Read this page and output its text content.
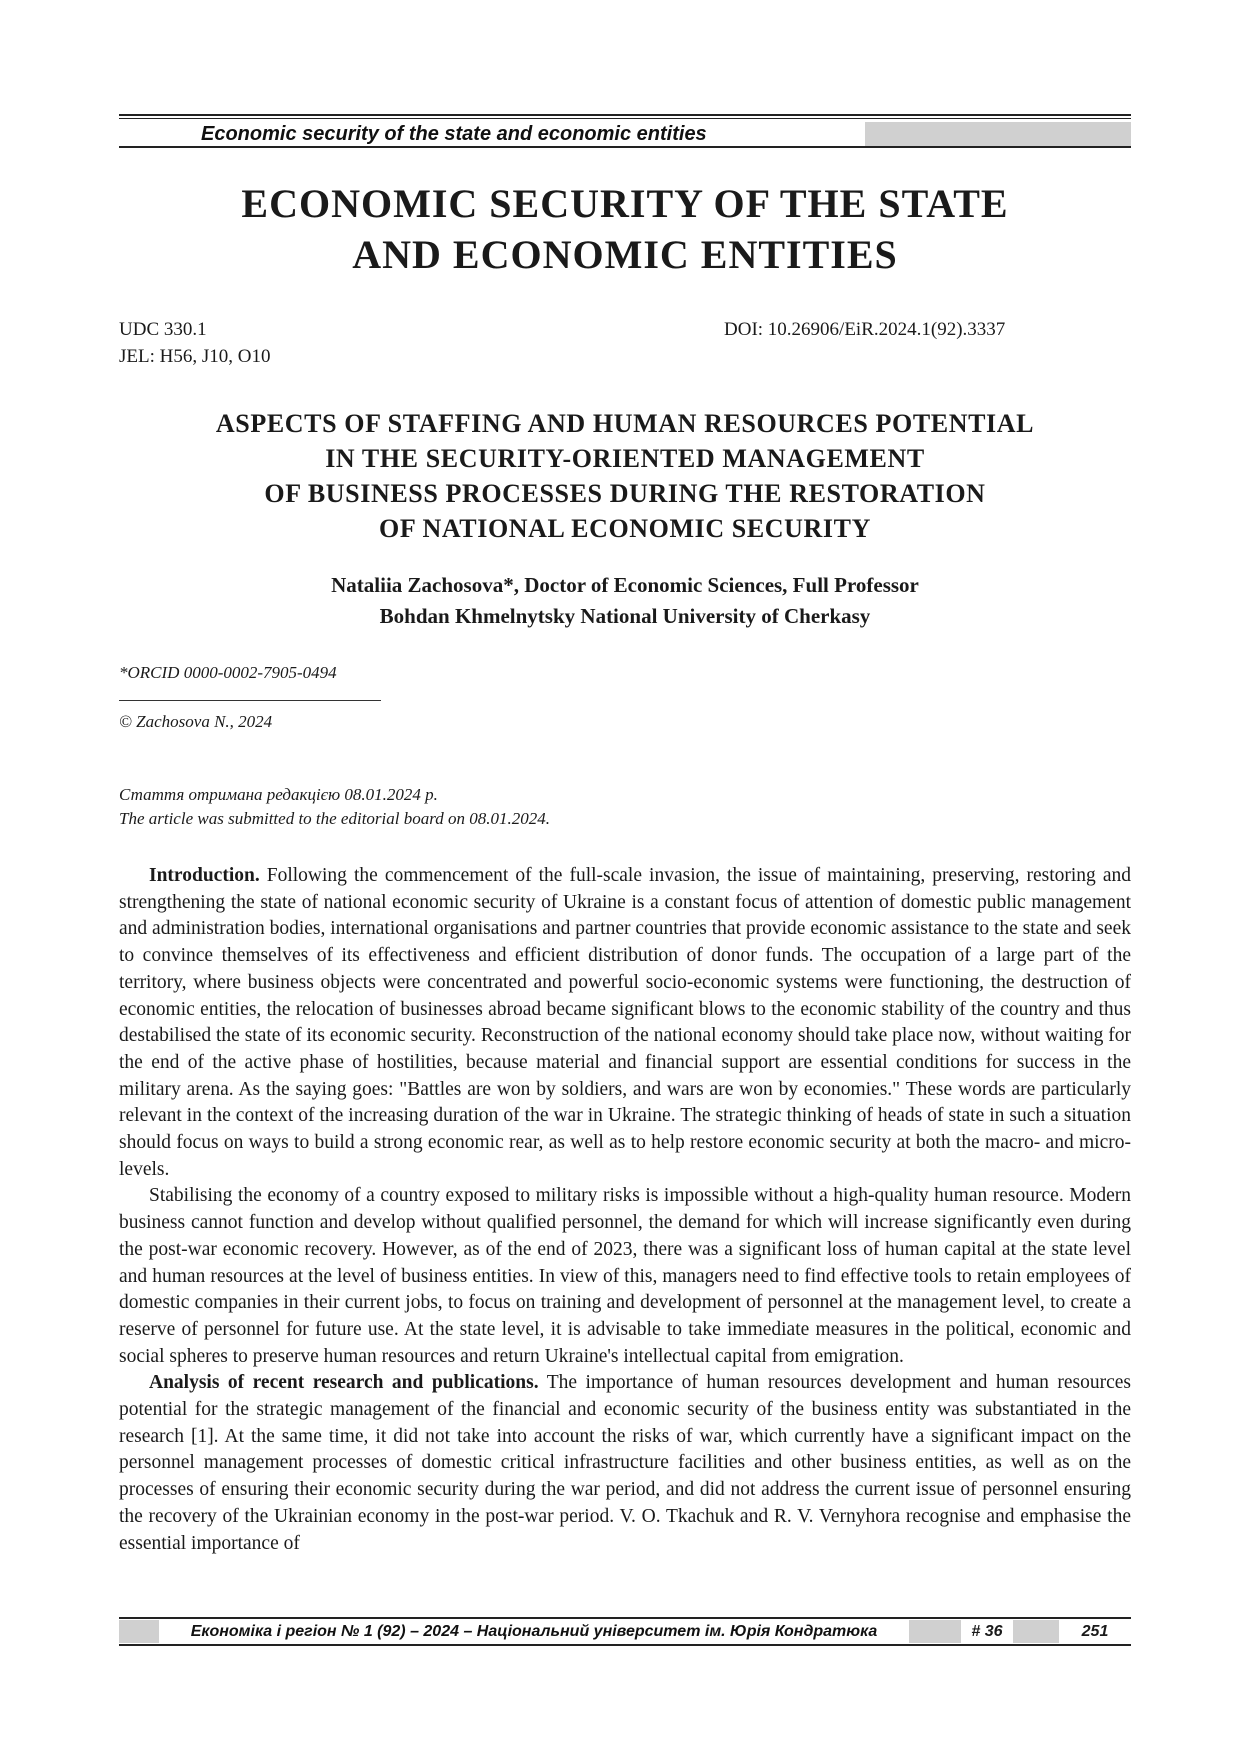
Economic security of the state and economic entities
ECONOMIC SECURITY OF THE STATE
AND ECONOMIC ENTITIES
UDC 330.1
JEL: H56, J10, O10
DOI: 10.26906/EiR.2024.1(92).3337
ASPECTS OF STAFFING AND HUMAN RESOURCES POTENTIAL
IN THE SECURITY-ORIENTED MANAGEMENT
OF BUSINESS PROCESSES DURING THE RESTORATION
OF NATIONAL ECONOMIC SECURITY
Nataliia Zachosova*, Doctor of Economic Sciences, Full Professor
Bohdan Khmelnytsky National University of Cherkasy
*ORCID 0000-0002-7905-0494
© Zachosova N., 2024
Стаття отримана редакцією 08.01.2024 р.
The article was submitted to the editorial board on 08.01.2024.

Introduction. Following the commencement of the full-scale invasion, the issue of maintaining, preserving, restoring and strengthening the state of national economic security of Ukraine is a constant focus of attention of domestic public management and administration bodies, international organisations and partner countries that provide economic assistance to the state and seek to convince themselves of its effectiveness and efficient distribution of donor funds. The occupation of a large part of the territory, where business objects were concentrated and powerful socio-economic systems were functioning, the destruction of economic entities, the relocation of businesses abroad became significant blows to the economic stability of the country and thus destabilised the state of its economic security. Reconstruction of the national economy should take place now, without waiting for the end of the active phase of hostilities, because material and financial support are essential conditions for success in the military arena. As the saying goes: "Battles are won by soldiers, and wars are won by economies." These words are particularly relevant in the context of the increasing duration of the war in Ukraine. The strategic thinking of heads of state in such a situation should focus on ways to build a strong economic rear, as well as to help restore economic security at both the macro- and micro-levels.

Stabilising the economy of a country exposed to military risks is impossible without a high-quality human resource. Modern business cannot function and develop without qualified personnel, the demand for which will increase significantly even during the post-war economic recovery. However, as of the end of 2023, there was a significant loss of human capital at the state level and human resources at the level of business entities. In view of this, managers need to find effective tools to retain employees of domestic companies in their current jobs, to focus on training and development of personnel at the management level, to create a reserve of personnel for future use. At the state level, it is advisable to take immediate measures in the political, economic and social spheres to preserve human resources and return Ukraine's intellectual capital from emigration.

Analysis of recent research and publications. The importance of human resources development and human resources potential for the strategic management of the financial and economic security of the business entity was substantiated in the research [1]. At the same time, it did not take into account the risks of war, which currently have a significant impact on the personnel management processes of domestic critical infrastructure facilities and other business entities, as well as on the processes of ensuring their economic security during the war period, and did not address the current issue of personnel ensuring the recovery of the Ukrainian economy in the post-war period. V. O. Tkachuk and R. V. Vernyhora recognise and emphasise the essential importance of

Економіка і регіон № 1 (92) – 2024 – Національний університет ім. Юрія Кондратюка	# 36	251
